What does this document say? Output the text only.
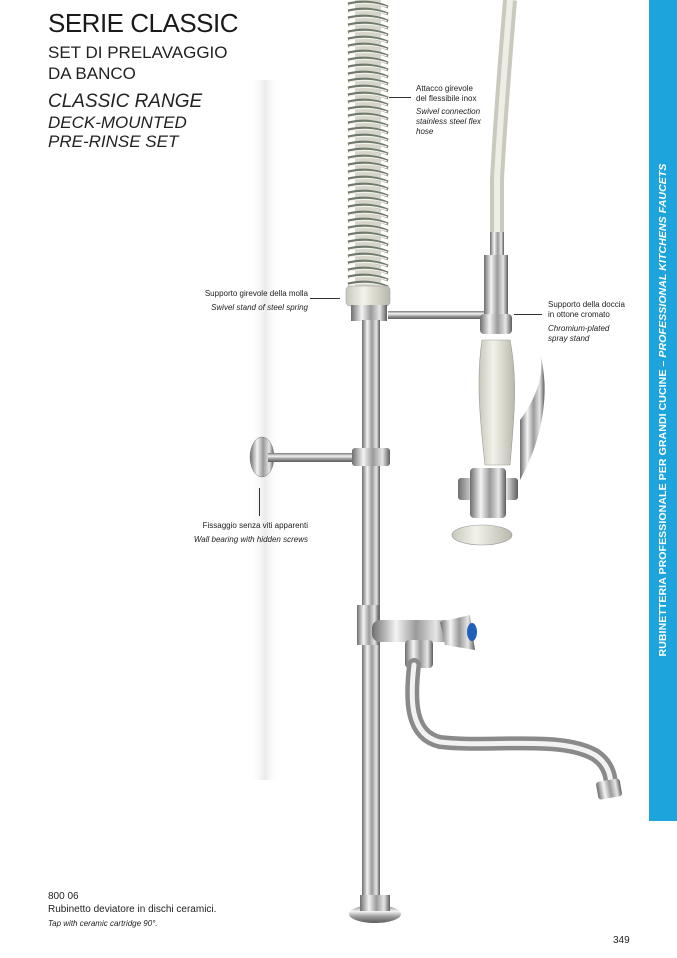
SERIE CLASSIC
SET DI PRELAVAGGIO
DA BANCO
CLASSIC RANGE
DECK-MOUNTED
PRE-RINSE SET
Attacco girevole
del flessibile inox
Swivel connection
stainless steel flex
hose
Supporto girevole della molla
Swivel stand of steel spring	Supporto della doccia
in ottone cromato
Chromium-plated
spray stand
Fissaggio senza viti apparenti
Wall bearing with hidden screws	RUBINETTERIA PROFESSIONALE PER GRANDI CUCINE – PROFESSIONAL KITCHENS FAUCETS
800 06
Rubinetto deviatore in dischi ceramici.
Tap with ceramic cartridge 90°.
349
